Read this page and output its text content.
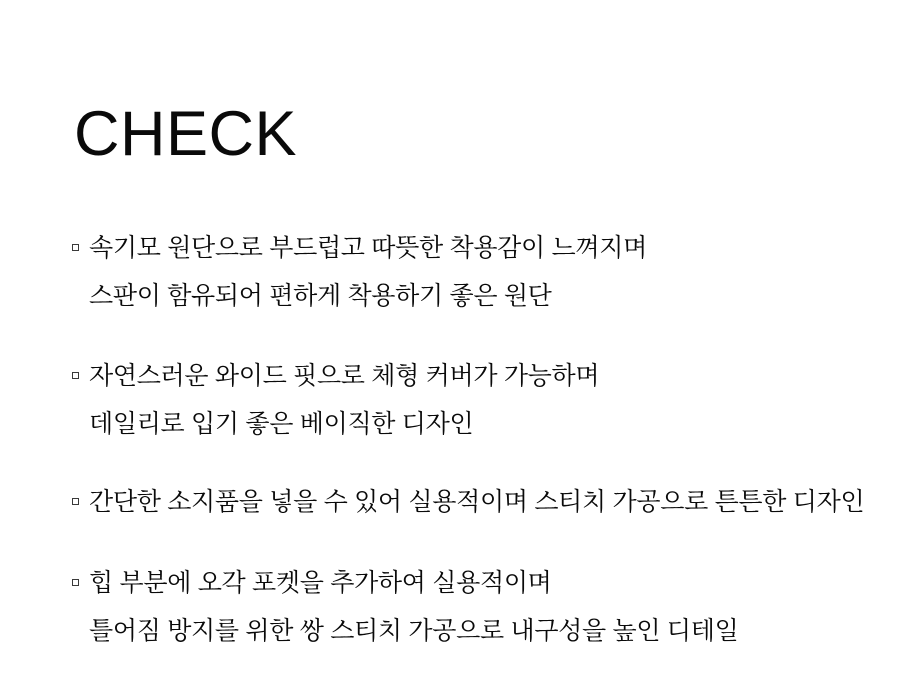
CHECK
속기모 원단으로 부드럽고 따뜻한 착용감이 느껴지며
스판이 함유되어 편하게 착용하기 좋은 원단
자연스러운 와이드 핏으로 체형 커버가 가능하며
데일리로 입기 좋은 베이직한 디자인
간단한 소지품을 넣을 수 있어 실용적이며 스티치 가공으로 튼튼한 디자인
힙 부분에 오각 포켓을 추가하여 실용적이며
틀어짐 방지를 위한 쌍 스티치 가공으로 내구성을 높인 디테일
